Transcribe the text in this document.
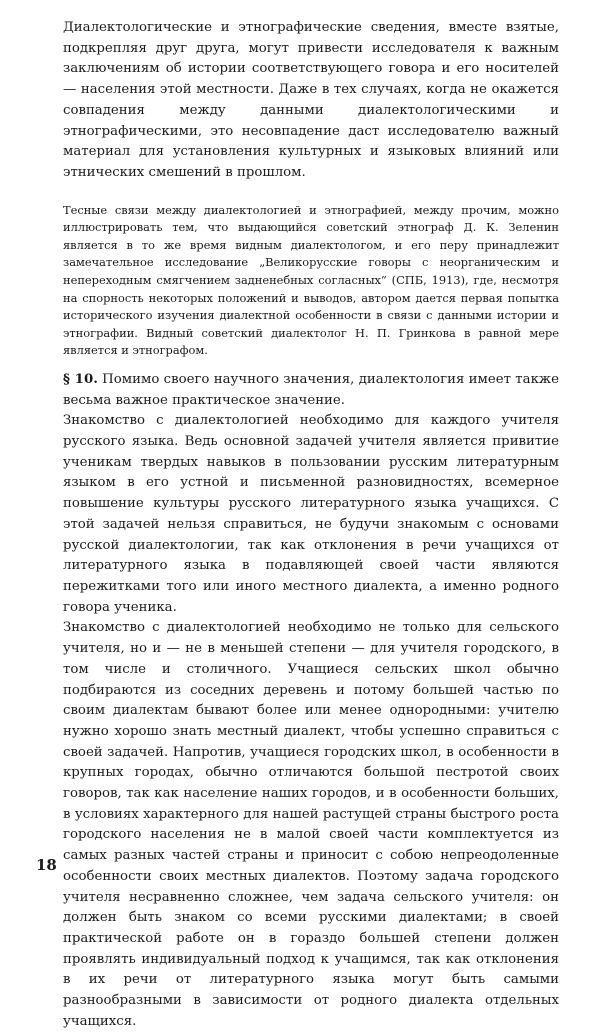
Диалектологические и этнографические сведения, вместе взятые, подкрепляя друг друга, могут привести исследователя к важным заключениям об истории соответствующего говора и его носителей — населения этой местности. Даже в тех случаях, когда не окажется совпадения между данными диалектологическими и этнографическими, это несовпадение даст исследователю важный материал для установления культурных и языковых влияний или этнических смешений в прошлом.

Тесные связи между диалектологией и этнографией, между прочим, можно иллюстрировать тем, что выдающийся советский этнограф Д. К. Зеленин является в то же время видным диалектологом, и его перу принадлежит замечательное исследование „Великорусские говоры с неорганическим и непереходным смягчением задненебных согласных“ (СПБ, 1913), где, несмотря на спорность некоторых положений и выводов, автором дается первая попытка исторического изучения диалектной особенности в связи с данными истории и этнографии. Видный советский диалектолог Н. П. Гринкова в равной мере является и этнографом.

§ 10. Помимо своего научного значения, диалектология имеет также весьма важное практическое значение.

Знакомство с диалектологией необходимо для каждого учителя русского языка. Ведь основной задачей учителя является привитие ученикам твердых навыков в пользовании русским литературным языком в его устной и письменной разновидностях, всемерное повышение культуры русского литературного языка учащихся. С этой задачей нельзя справиться, не будучи знакомым с основами русской диалектологии, так как отклонения в речи учащихся от литературного языка в подавляющей своей части являются пережитками того или иного местного диалекта, а именно родного говора ученика.

Знакомство с диалектологией необходимо не только для сельского учителя, но и — не в меньшей степени — для учителя городского, в том числе и столичного. Учащиеся сельских школ обычно подбираются из соседних деревень и потому большей частью по своим диалектам бывают более или менее однородными: учителю нужно хорошо знать местный диалект, чтобы успешно справиться с своей задачей. Напротив, учащиеся городских школ, в особенности в крупных городах, обычно отличаются большой пестротой своих говоров, так как население наших городов, и в особенности больших, в условиях характерного для нашей растущей страны быстрого роста городского населения не в малой своей части комплектуется из самых разных частей страны и приносит с собою непреодоленные особенности своих местных диалектов. Поэтому задача городского учителя несравненно сложнее, чем задача сельского учителя: он должен быть знаком со всеми русскими диалектами; в своей практической работе он в гораздо большей степени должен проявлять индивидуальный подход к учащимся, так как отклонения в их речи от литературного языка могут быть самыми разнообразными в зависимости от родного диалекта отдельных учащихся.

18
